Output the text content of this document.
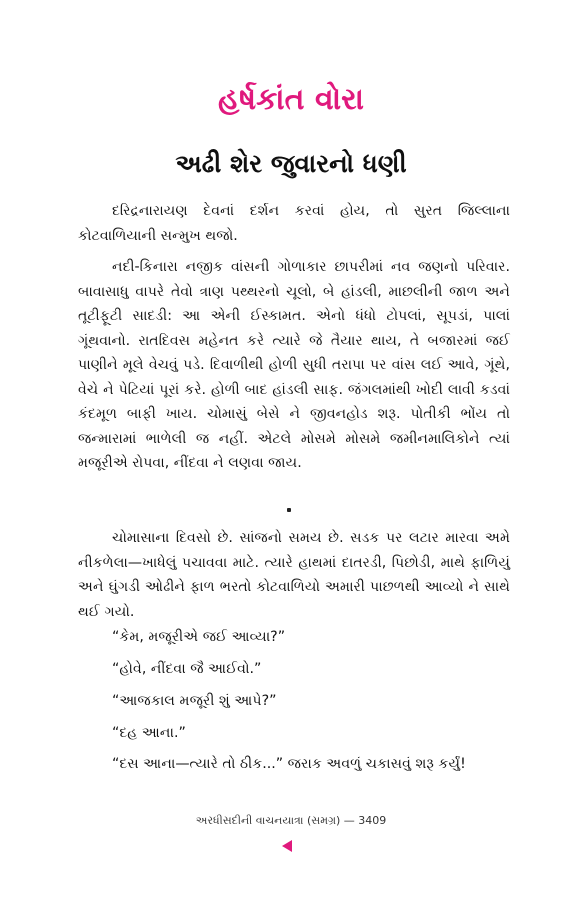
હર્ષકાંત વોરા
અઢી શેર જુવારનો ધણી

દરિદ્રનારાયણ દેવનાં દર્શન કરવાં હોય, તો સુરત જિલ્લાના કોટવાળિયાની સન્મુખ થજો.

નદી-કિનારા નજીક વાંસની ગોળાકાર છાપરીમાં નવ જણનો પરિવાર. બાવાસાધુ વાપરે તેવો ત્રાણ પથ્થરનો ચૂલો, બે હાંડલી, માછલીની જાળ અને તૂટીફૂટી સાદડી: આ એની ઈસ્કામત. એનો ધંધો ટોપલાં, સૂપડાં, પાલાં ગૂંથવાનો. રાતદિવસ મહેનત કરે ત્યારે જે તૈયાર થાય, તે બજારમાં જઈ પાણીને મૂલે વેચવું પડે. દિવાળીથી હોળી સુધી તરાપા પર વાંસ લઈ આવે, ગૂંથે, વેચે ને પેટિયાં પૂરાં કરે. હોળી બાદ હાંડલી સાફ. જંગલમાંથી ખોદી લાવી કડવાં કંદમૂળ બાફી ખાય. ચોમાસું બેસે ને જીવનહોડ શરૂ. પોતીકી ભોંય તો જન્મારામાં ભાળેલી જ નહીં. એટલે મોસમે મોસમે જમીનમાલિકોને ત્યાં મજૂરીએ રોપવા, નીંદવા ને લણવા જાય.

ચોમાસાના દિવસો છે. સાંજનો સમય છે. સડક પર લટાર મારવા અમે નીકળેલા—ખાધેલું પચાવવા માટે. ત્યારે હાથમાં દાતરડી, પિછોડી, માથે ફાળિયું અને ઘુંગડી ઓઢીને ફાળ ભરતો કોટવાળિયો અમારી પાછળથી આવ્યો ને સાથે થઈ ગયો.

“કેમ, મજૂરીએ જઈ આવ્યા?”

“હોવે, નીંદવા જૈ આઈવો.”

“આજકાલ મજૂરી શું આપે?”

“દહ આના.”

“દસ આના—ત્યારે તો ઠીક...” જરાક અવળું ચકાસવું શરૂ કર્યું!

અરધીસદીની વાચનયાત્રા (સમગ્ર) — 3409
